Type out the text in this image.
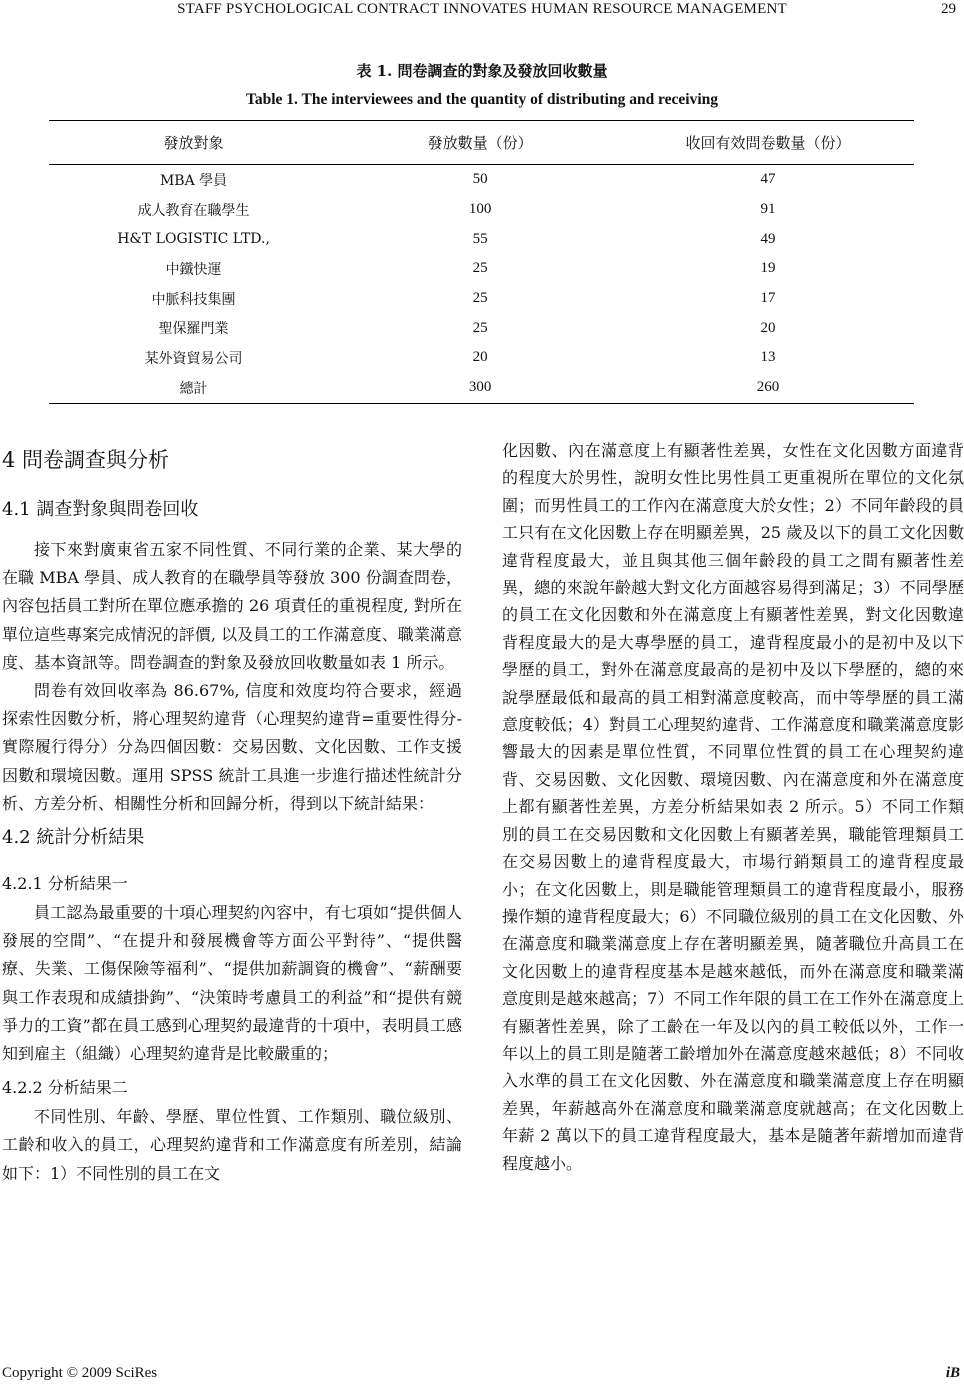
STAFF PSYCHOLOGICAL CONTRACT INNOVATES HUMAN RESOURCE MANAGEMENT	29
表 1. 問卷調查的對象及發放回收數量
Table 1. The interviewees and the quantity of distributing and receiving
發放對象	發放數量（份）	收回有效問卷數量（份）
MBA 學員	50	47
成人教育在職學生	100	91
H&T LOGISTIC LTD.,	55	49
中鐵快運	25	19
中脈科技集團	25	17
聖保羅門業	25	20
某外資貿易公司	20	13
總計	300	260
4 問卷調查與分析
4.1 調查對象與問卷回收

接下來對廣東省五家不同性質、不同行業的企業、某大學的在職 MBA 學員、成人教育的在職學員等發放 300 份調查問卷，內容包括員工對所在單位應承擔的 26 項責任的重視程度, 對所在單位這些專案完成情況的評價, 以及員工的工作滿意度、職業滿意度、基本資訊等。問卷調查的對象及發放回收數量如表 1 所示。

問卷有效回收率為 86.67%, 信度和效度均符合要求，經過探索性因數分析，將心理契約違背（心理契約違背=重要性得分-實際履行得分）分為四個因數：交易因數、文化因數、工作支援因數和環境因數。運用 SPSS 統計工具進一步進行描述性統計分析、方差分析、相關性分析和回歸分析，得到以下統計結果：

4.2 統計分析結果
4.2.1 分析結果一

員工認為最重要的十項心理契約內容中，有七項如“提供個人發展的空間”、“在提升和發展機會等方面公平對待”、“提供醫療、失業、工傷保險等福利”、“提供加薪調資的機會”、“薪酬要與工作表現和成績掛鉤”、“決策時考慮員工的利益”和“提供有競爭力的工資”都在員工感到心理契約最違背的十項中，表明員工感知到雇主（組織）心理契約違背是比較嚴重的；

4.2.2 分析結果二

不同性別、年齡、學歷、單位性質、工作類別、職位級別、工齡和收入的員工，心理契約違背和工作滿意度有所差別，結論如下：1）不同性別的員工在文

化因數、內在滿意度上有顯著性差異，女性在文化因數方面違背的程度大於男性，說明女性比男性員工更重視所在單位的文化氛圍；而男性員工的工作內在滿意度大於女性；2）不同年齡段的員工只有在文化因數上存在明顯差異，25 歲及以下的員工文化因數違背程度最大，並且與其他三個年齡段的員工之間有顯著性差異，總的來說年齡越大對文化方面越容易得到滿足；3）不同學歷的員工在文化因數和外在滿意度上有顯著性差異，對文化因數違背程度最大的是大專學歷的員工，違背程度最小的是初中及以下學歷的員工，對外在滿意度最高的是初中及以下學歷的，總的來說學歷最低和最高的員工相對滿意度較高，而中等學歷的員工滿意度較低；4）對員工心理契約違背、工作滿意度和職業滿意度影響最大的因素是單位性質，不同單位性質的員工在心理契約違背、交易因數、文化因數、環境因數、內在滿意度和外在滿意度上都有顯著性差異，方差分析結果如表 2 所示。5）不同工作類別的員工在交易因數和文化因數上有顯著差異，職能管理類員工在交易因數上的違背程度最大，市場行銷類員工的違背程度最小；在文化因數上，則是職能管理類員工的違背程度最小，服務操作類的違背程度最大；6）不同職位級別的員工在文化因數、外在滿意度和職業滿意度上存在著明顯差異，隨著職位升高員工在文化因數上的違背程度基本是越來越低，而外在滿意度和職業滿意度則是越來越高；7）不同工作年限的員工在工作外在滿意度上有顯著性差異，除了工齡在一年及以內的員工較低以外，工作一年以上的員工則是隨著工齡增加外在滿意度越來越低；8）不同收入水準的員工在文化因數、外在滿意度和職業滿意度上存在明顯差異，年薪越高外在滿意度和職業滿意度就越高；在文化因數上年薪 2 萬以下的員工違背程度最大，基本是隨著年薪增加而違背程度越小。

Copyright © 2009 SciRes	iB
